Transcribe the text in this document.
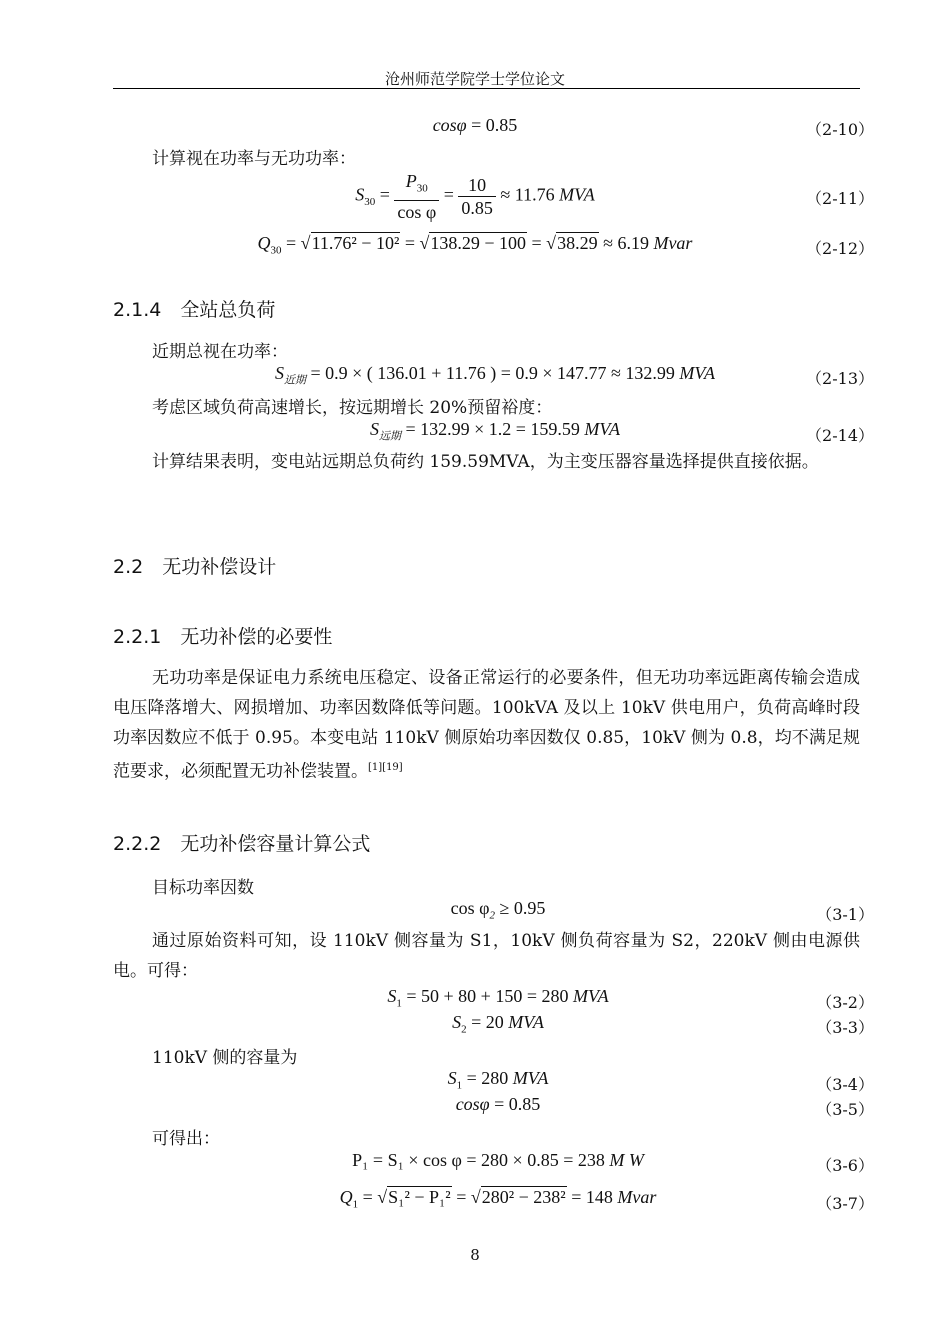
沧州师范学院学士学位论文
cosφ = 0.85	（2-10）
计算视在功率与无功功率：
$S_{30} = \frac{P_{30}}{\text{cos φ}} = \frac{10}{0.85} \approx 11.76$ MVA	（2-11）
$Q_{30} = √11.76^2 - 10^2 = √138.29 - 100 = √38.29 \approx 6.19$ Mvar	（2-12）
2.1.4　全站总负荷
近期总视在功率：
$S_{近期} = 0.9$ × ( 136.01 + 11.76 ) = 0.9 × 147.77 ≈ 132.99 MVA	（2-13）
考虑区域负荷高速增长，按远期增长 20%预留裕度：
$S_{远期} = 132.99 \times 1.2 = 159.59$ MVA	（2-14）
计算结果表明，变电站远期总负荷约 159.59MVA，为主变压器容量选择提供直接依据。
2.2　无功补偿设计
2.2.1　无功补偿的必要性
无功功率是保证电力系统电压稳定、设备正常运行的必要条件，但无功功率远距离传输会造成电压降落增大、网损增加、功率因数降低等问题。100kVA 及以上 10kV 供电用户，负荷高峰时段功率因数应不低于 0.95。本变电站 110kV 侧原始功率因数仅 0.85，10kV 侧为 0.8，均不满足规范要求，必须配置无功补偿装置。[1][19]
2.2.2　无功补偿容量计算公式
目标功率因数
$\cos \varphi_2 \ge 0.95$	（3-1）
通过原始资料可知，设 110kV 侧容量为 S1，10kV 侧负荷容量为 S2，220kV 侧由电源供电。可得：
$S_1 = 50 + 80 + 150 = 280$ MVA	（3-2）
$S_2 = 20$ MVA	（3-3）
110kV 侧的容量为
$S_1 = 280$ MVA	（3-4）
cosφ = 0.85	（3-5）
可得出：
P₁ = S₁ × cos φ = 280 × 0.85 = 238 M W	（3-6）
$Q_1 = √S_1^2 - P_1^2 = √280^2 - 238^2 = 148$ Mvar	（3-7）
8
